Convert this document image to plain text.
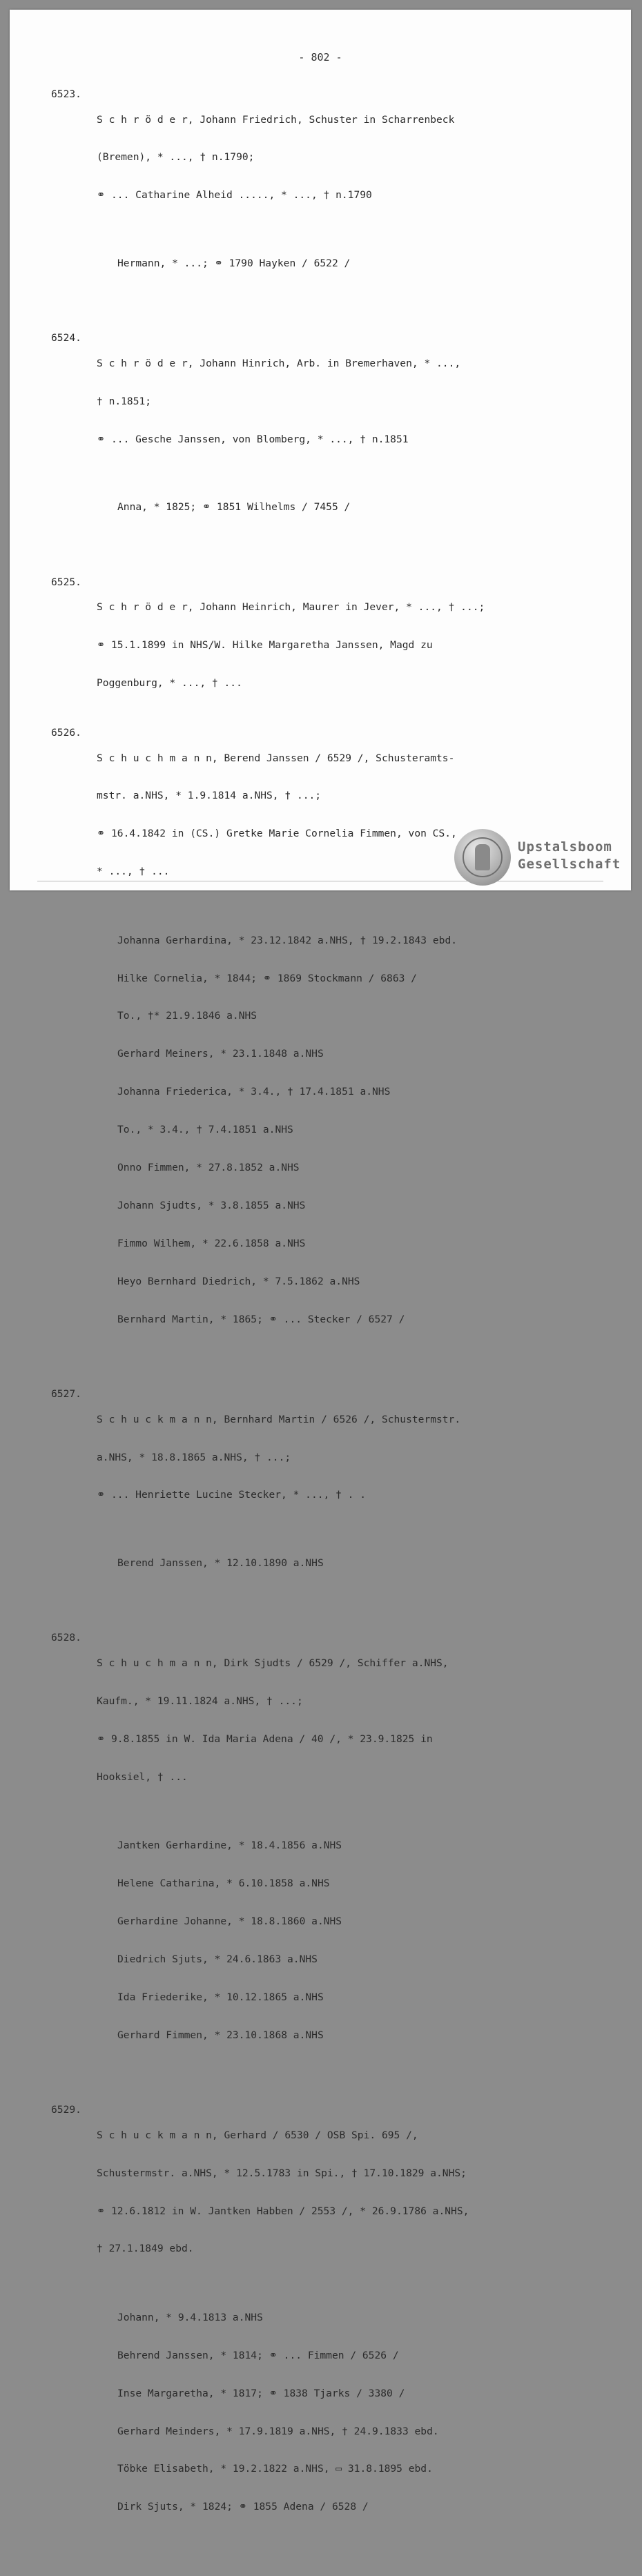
- 802 -
6523.

S c h r ö d e r, Johann Friedrich, Schuster in Scharrenbeck

(Bremen), * ..., † n.1790;

⚭ ... Catharine Alheid ....., * ..., † n.1790

Hermann, * ...; ⚭ 1790 Hayken / 6522 /

6524.

S c h r ö d e r, Johann Hinrich, Arb. in Bremerhaven, * ...,

† n.1851;

⚭ ... Gesche Janssen, von Blomberg, * ..., † n.1851

Anna, * 1825; ⚭ 1851 Wilhelms / 7455 /

6525.

S c h r ö d e r, Johann Heinrich, Maurer in Jever, * ..., † ...;

⚭ 15.1.1899 in NHS/W. Hilke Margaretha Janssen, Magd zu

Poggenburg, * ..., † ...

6526.

S c h u c h m a n n, Berend Janssen / 6529 /, Schusteramts-

mstr. a.NHS, * 1.9.1814 a.NHS, † ...;

⚭ 16.4.1842 in (CS.) Gretke Marie Cornelia Fimmen, von CS.,

* ..., † ...

Johanna Gerhardina, * 23.12.1842 a.NHS, † 19.2.1843 ebd.

Hilke Cornelia, * 1844; ⚭ 1869 Stockmann / 6863 /

To., †* 21.9.1846 a.NHS

Gerhard Meiners, * 23.1.1848 a.NHS

Johanna Friederica, * 3.4., † 17.4.1851 a.NHS

To., * 3.4., † 7.4.1851 a.NHS

Onno Fimmen, * 27.8.1852 a.NHS

Johann Sjudts, * 3.8.1855 a.NHS

Fimmo Wilhem, * 22.6.1858 a.NHS

Heyo Bernhard Diedrich, * 7.5.1862 a.NHS

Bernhard Martin, * 1865; ⚭ ... Stecker / 6527 /

6527.

S c h u c k m a n n, Bernhard Martin / 6526 /, Schustermstr.

a.NHS, * 18.8.1865 a.NHS, † ...;

⚭ ... Henriette Lucine Stecker, * ..., † . .

Berend Janssen, * 12.10.1890 a.NHS

6528.

S c h u c h m a n n, Dirk Sjudts / 6529 /, Schiffer a.NHS,

Kaufm., * 19.11.1824 a.NHS, † ...;

⚭ 9.8.1855 in W. Ida Maria Adena / 40 /, * 23.9.1825 in

Hooksiel, † ...

Jantken Gerhardine, * 18.4.1856 a.NHS

Helene Catharina, * 6.10.1858 a.NHS

Gerhardine Johanne, * 18.8.1860 a.NHS

Diedrich Sjuts, * 24.6.1863 a.NHS

Ida Friederike, * 10.12.1865 a.NHS

Gerhard Fimmen, * 23.10.1868 a.NHS

6529.

S c h u c k m a n n, Gerhard / 6530 / OSB Spi. 695 /,

Schustermstr. a.NHS, * 12.5.1783 in Spi., † 17.10.1829 a.NHS;

⚭ 12.6.1812 in W. Jantken Habben / 2553 /, * 26.9.1786 a.NHS,

† 27.1.1849 ebd.

Johann, * 9.4.1813 a.NHS

Behrend Janssen, * 1814; ⚭ ... Fimmen / 6526 /

Inse Margaretha, * 1817; ⚭ 1838 Tjarks / 3380 /

Gerhard Meinders, * 17.9.1819 a.NHS, † 24.9.1833 ebd.

Töbke Elisabeth, * 19.2.1822 a.NHS, ▭ 31.8.1895 ebd.

Dirk Sjuts, * 1824; ⚭ 1855 Adena / 6528 /

Upstalsboom
Gesellschaft
